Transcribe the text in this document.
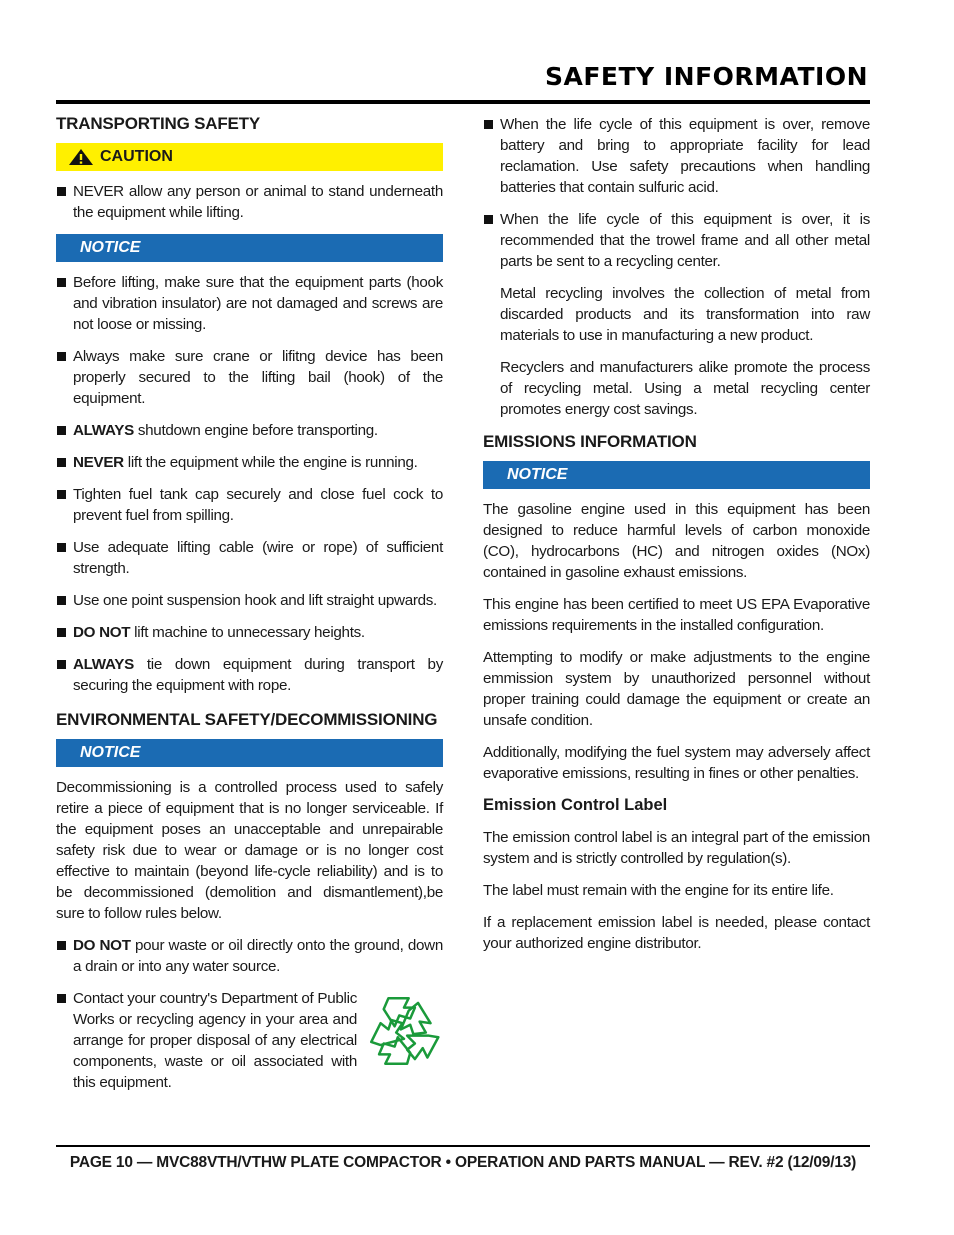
SAFETY INFORMATION
TRANSPORTING SAFETY
CAUTION
NEVER allow any person or animal to stand underneath the equipment while lifting.
NOTICE
Before lifting, make sure that the equipment parts (hook and vibration insulator) are not damaged and screws are not loose or missing.
Always make sure crane or lifitng device has been properly secured to the lifting bail (hook) of the equipment.
ALWAYS shutdown engine before transporting.
NEVER lift the equipment while the engine is running.
Tighten fuel tank cap securely and close fuel cock to prevent fuel from spilling.
Use adequate lifting cable (wire or rope) of sufficient strength.
Use one point suspension hook and lift straight upwards.
DO NOT lift machine to unnecessary heights.
ALWAYS tie down equipment during transport by securing the equipment with rope.
ENVIRONMENTAL SAFETY/DECOMMISSIONING
NOTICE

Decommissioning is a controlled process used to safely retire a piece of equipment that is no longer serviceable. If the equipment poses an unacceptable and unrepairable safety risk due to wear or damage or is no longer cost effective to maintain (beyond life-cycle reliability) and is to be decommissioned (demolition and dismantlement),be sure to follow rules below.

DO NOT pour waste or oil directly onto the ground, down a drain or into any water source.
Contact your country's Department of Public Works or recycling agency in your area and arrange for proper disposal of any electrical components, waste or oil associated with this equipment.
When the life cycle of this equipment is over, remove battery and bring to appropriate facility for lead reclamation. Use safety precautions when handling batteries that contain sulfuric acid.
When the life cycle of this equipment is over, it is recommended that the trowel frame and all other metal parts be sent to a recycling center.

Metal recycling involves the collection of metal from discarded products and its transformation into raw materials to use in manufacturing a new product.

Recyclers and manufacturers alike promote the process of recycling metal. Using a metal recycling center promotes energy cost savings.

EMISSIONS INFORMATION
NOTICE

The gasoline engine used in this equipment has been designed to reduce harmful levels of carbon monoxide (CO), hydrocarbons (HC) and nitrogen oxides (NOx) contained in gasoline exhaust emissions.

This engine has been certified to meet US EPA Evaporative emissions requirements in the installed configuration.

Attempting to modify or make adjustments to the engine emmission system by unauthorized personnel without proper training could damage the equipment or create an unsafe condition.

Additionally, modifying the fuel system may adversely affect evaporative emissions, resulting in fines or other penalties.

Emission Control Label

The emission control label is an integral part of the emission system and is strictly controlled by regulation(s).

The label must remain with the engine for its entire life.

If a replacement emission label is needed, please contact your authorized engine distributor.

PAGE 10 — MVC88VTH/VTHW PLATE COMPACTOR • OPERATION AND PARTS MANUAL — REV. #2 (12/09/13)
